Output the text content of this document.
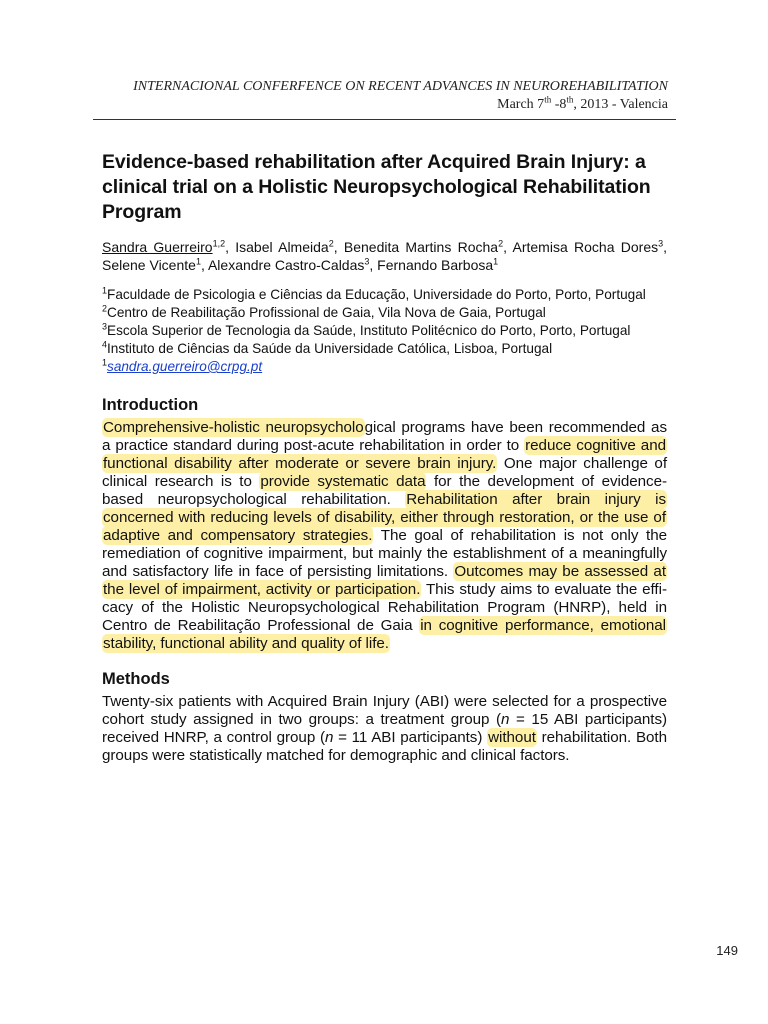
INTERNACIONAL CONFERFENCE ON RECENT ADVANCES IN NEUROREHABILITATION
March 7th -8th, 2013 - Valencia
Evidence-based rehabilitation after Acquired Brain Injury: a clinical trial on a Holistic Neuropsychological Rehabilitation Program

Sandra Guerreiro$^{1,2}$, Isabel Almeida$^2$, Benedita Martins Rocha$^2$, Artemisa Rocha Dores$^3$, Selene Vicente$^1$, Alexandre Castro-Caldas$^3$, Fernando Barbosa$^1$

$^1$Faculdade de Psicologia e Ciências da Educação, Universidade do Porto, Porto, Portugal

$^2$Centro de Reabilitação Profissional de Gaia, Vila Nova de Gaia, Portugal

$^3$Escola Superior de Tecnologia da Saúde, Instituto Politécnico do Porto, Porto, Portugal

$^4$Instituto de Ciências da Saúde da Universidade Católica, Lisboa, Portugal

$^1$sandra.guerreiro@crpg.pt

Introduction

Comprehensive-holistic neuropsychological programs have been recommended as a practice standard during post-acute rehabilitation in order to reduce cognitive and functional disability after moderate or severe brain injury. One major challenge of clinical research is to provide systematic data for the development of evidence-based neuropsychological rehabilitation. Rehabilitation after brain injury is concerned with reducing levels of disability, either through restoration, or the use of adaptive and compensatory strategies. The goal of rehabilitation is not only the remediation of cognitive impairment, but mainly the establishment of a meaningfully and satisfactory life in face of persisting limitations. Outcomes may be assessed at the level of impairment, activity or participation. This study aims to evaluate the efficacy of the Holistic Neuropsychological Rehabilitation Program (HNRP), held in Centro de Reabilitação Professional de Gaia in cognitive performance, emotional stability, functional ability and quality of life.

Methods

Twenty-six patients with Acquired Brain Injury (ABI) were selected for a prospective cohort study assigned in two groups: a treatment group (n = 15 ABI participants) received HNRP, a control group (n = 11 ABI participants) without rehabilitation. Both groups were statistically matched for demographic and clinical factors.

149
